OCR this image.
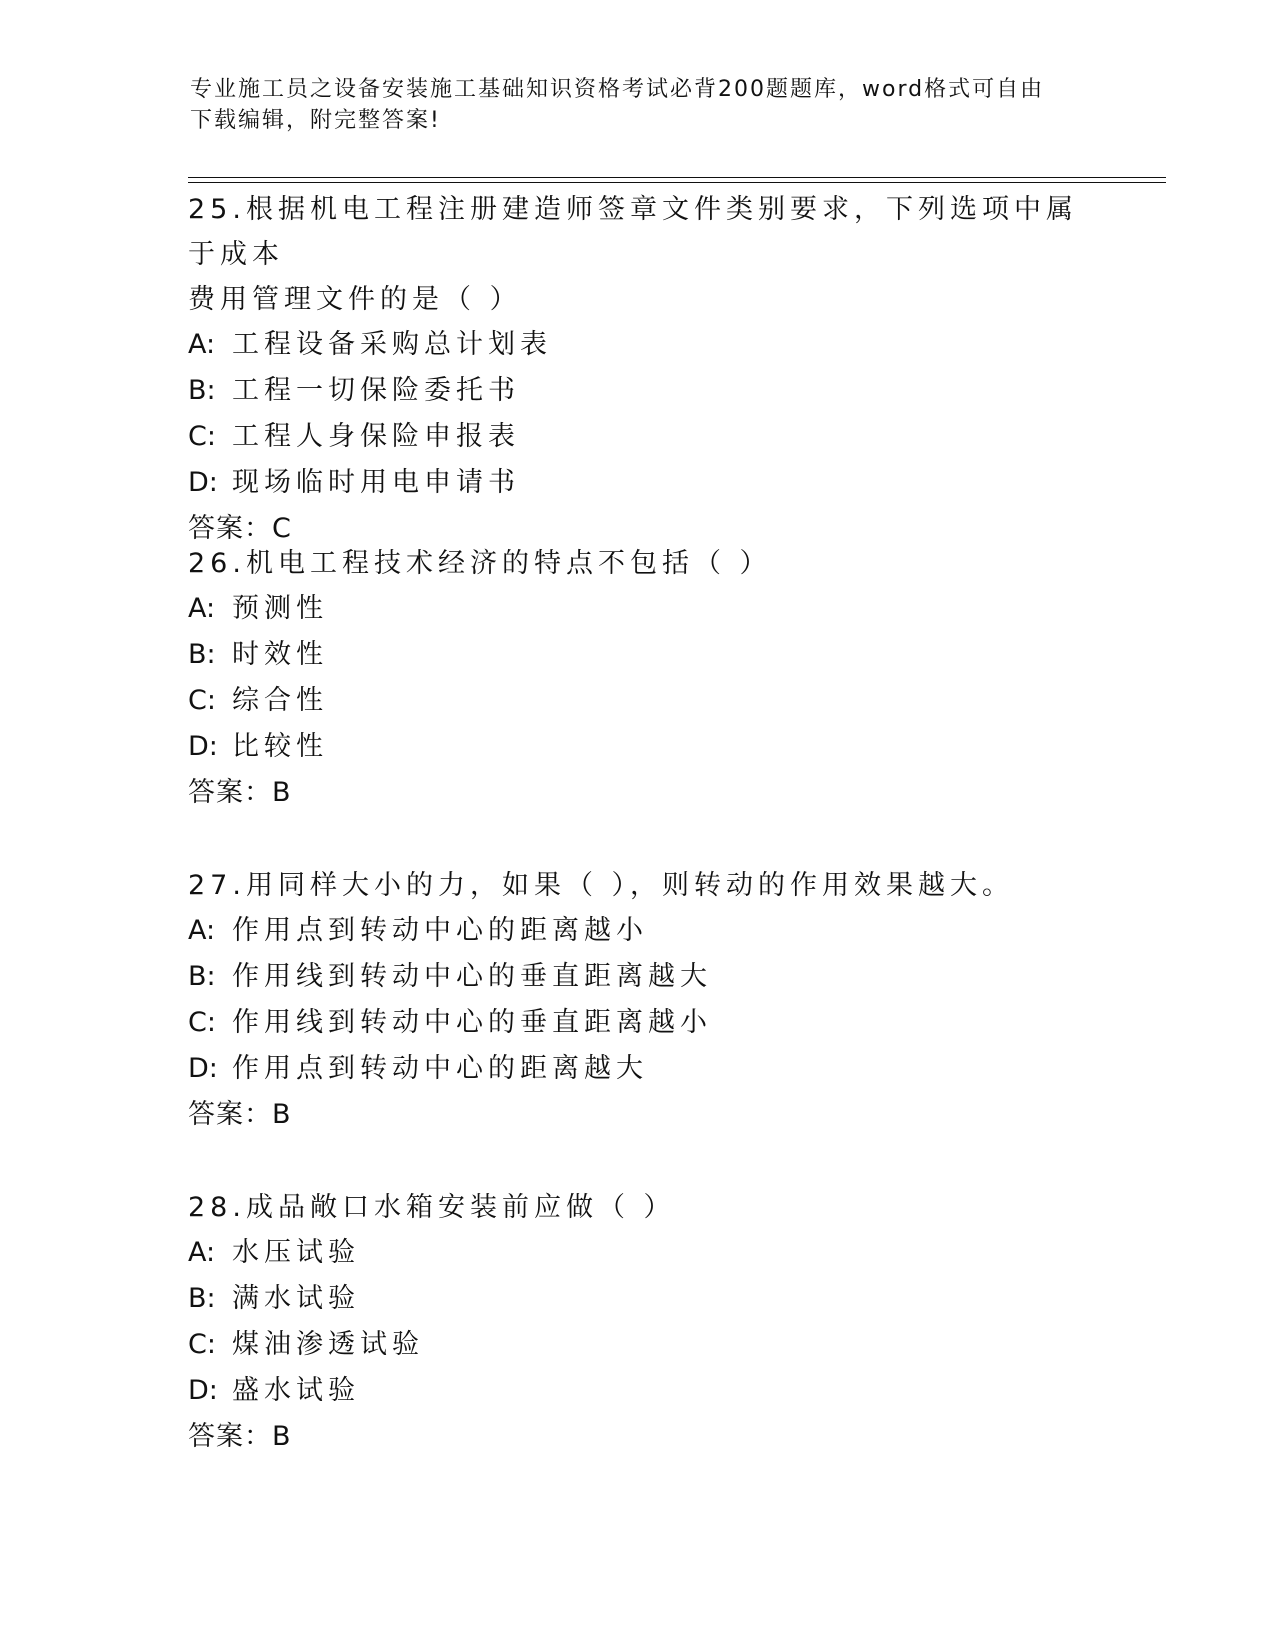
专业施工员之设备安装施工基础知识资格考试必背200题题库，word格式可自由
下载编辑，附完整答案!
25.根据机电工程注册建造师签章文件类别要求，下列选项中属于成本
费用管理文件的是（ ）
A: 工程设备采购总计划表
B: 工程一切保险委托书
C: 工程人身保险申报表
D: 现场临时用电申请书
答案：C
26.机电工程技术经济的特点不包括（ ）
A: 预测性
B: 时效性
C: 综合性
D: 比较性
答案：B
27.用同样大小的力，如果（ ），则转动的作用效果越大。
A: 作用点到转动中心的距离越小
B: 作用线到转动中心的垂直距离越大
C: 作用线到转动中心的垂直距离越小
D: 作用点到转动中心的距离越大
答案：B
28.成品敞口水箱安装前应做（ ）
A: 水压试验
B: 满水试验
C: 煤油渗透试验
D: 盛水试验
答案：B
